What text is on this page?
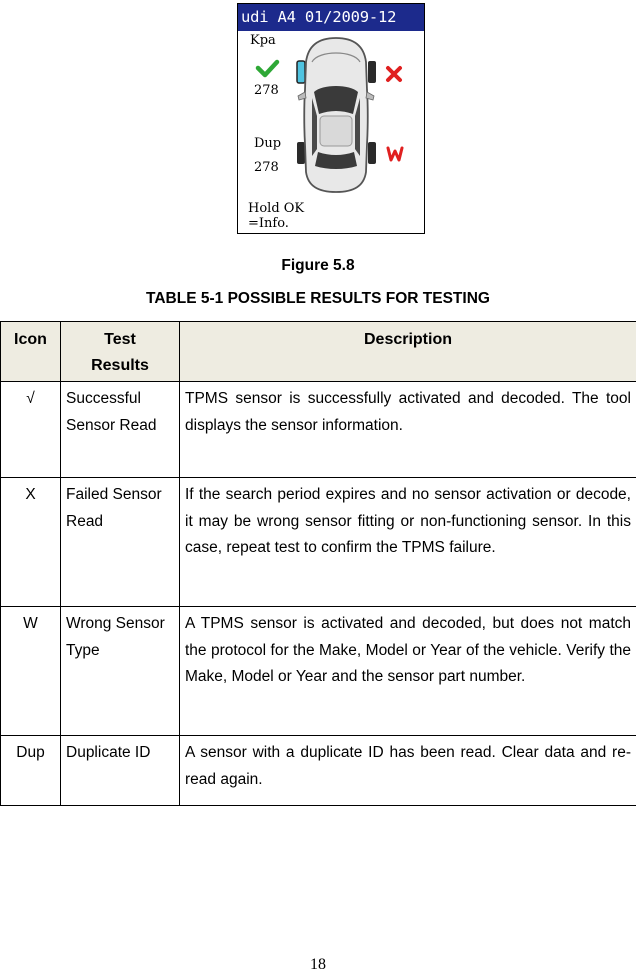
udi A4 01/2009-12
Kpa
278
Dup
278
Hold OK
=Info.
Figure 5.8
TABLE 5-1 POSSIBLE RESULTS FOR TESTING
Icon	Test Results	Description
√	Successful Sensor Read	TPMS sensor is successfully activated and decoded. The tool displays the sensor information.
X	Failed Sensor Read	If the search period expires and no sensor activation or decode, it may be wrong sensor fitting or non-functioning sensor. In this case, repeat test to confirm the TPMS failure.
W	Wrong Sensor Type	A TPMS sensor is activated and decoded, but does not match the protocol for the Make, Model or Year of the vehicle. Verify the Make, Model or Year and the sensor part number.
Dup	Duplicate ID	A sensor with a duplicate ID has been read. Clear data and re-read again.
18
